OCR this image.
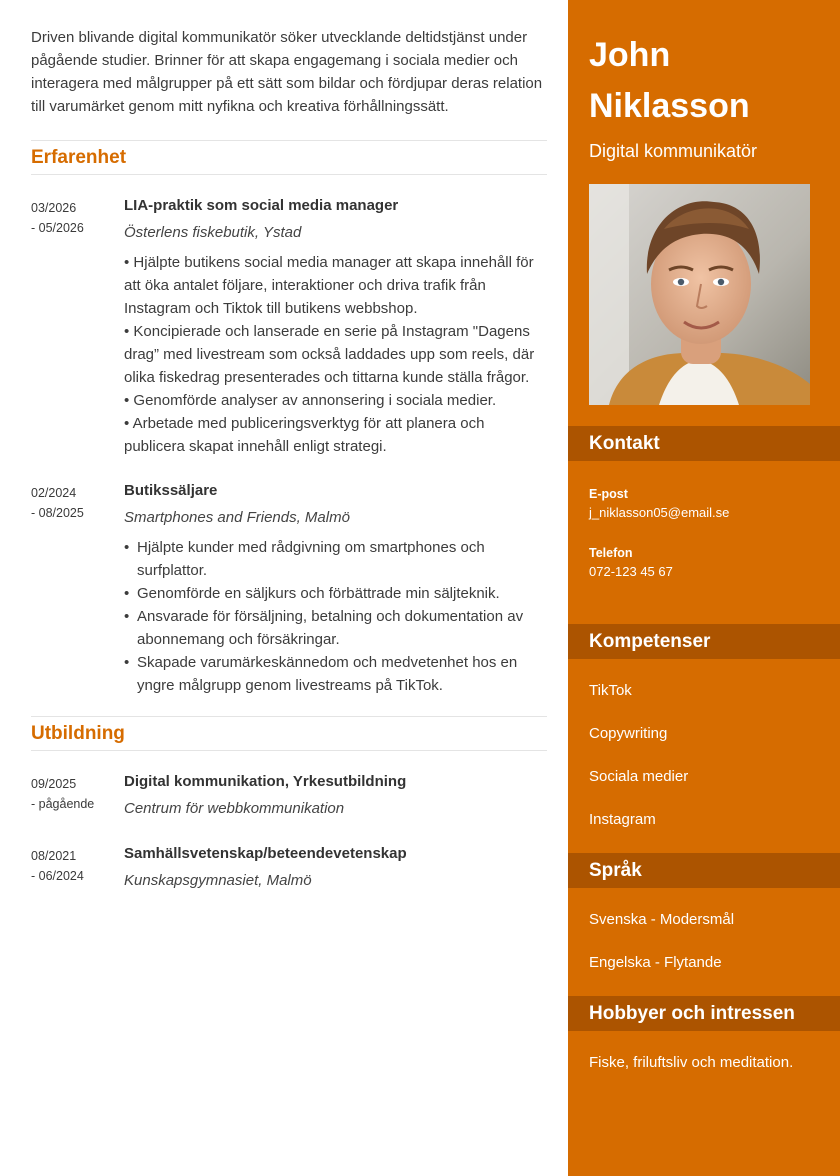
Driven blivande digital kommunikatör söker utvecklande deltidstjänst under pågående studier. Brinner för att skapa engagemang i sociala medier och interagera med målgrupper på ett sätt som bildar och fördjupar deras relation till varumärket genom mitt nyfikna och kreativa förhållningssätt.

Erfarenhet
03/2026
- 05/2026
LIA-praktik som social media manager
Österlens fiskebutik, Ystad

• Hjälpte butikens social media manager att skapa innehåll för att öka antalet följare, interaktioner och driva trafik från Instagram och Tiktok till butikens webbshop.

• Koncipierade och lanserade en serie på Instagram "Dagens drag” med livestream som också laddades upp som reels, där olika fiskedrag presenterades och tittarna kunde ställa frågor.

• Genomförde analyser av annonsering i sociala medier.

• Arbetade med publiceringsverktyg för att planera och publicera skapat innehåll enligt strategi.

02/2024
- 08/2025
Butikssäljare
Smartphones and Friends, Malmö
• Hjälpte kunder med rådgivning om smartphones och surfplattor.
• Genomförde en säljkurs och förbättrade min säljteknik.
• Ansvarade för försäljning, betalning och dokumentation av abonnemang och försäkringar.
• Skapade varumärkeskännedom och medvetenhet hos en yngre målgrupp genom livestreams på TikTok.
Utbildning
09/2025
- pågående
Digital kommunikation, Yrkesutbildning
Centrum för webbkommunikation
08/2021
- 06/2024
Samhällsvetenskap/beteendevetenskap
Kunskapsgymnasiet, Malmö
John
Niklasson
Digital kommunikatör
Kontakt
E-post
j_niklasson05@email.se
Telefon
072-123 45 67
Kompetenser
TikTok
Copywriting
Sociala medier
Instagram
Språk
Svenska - Modersmål
Engelska - Flytande
Hobbyer och intressen
Fiske, friluftsliv och meditation.
